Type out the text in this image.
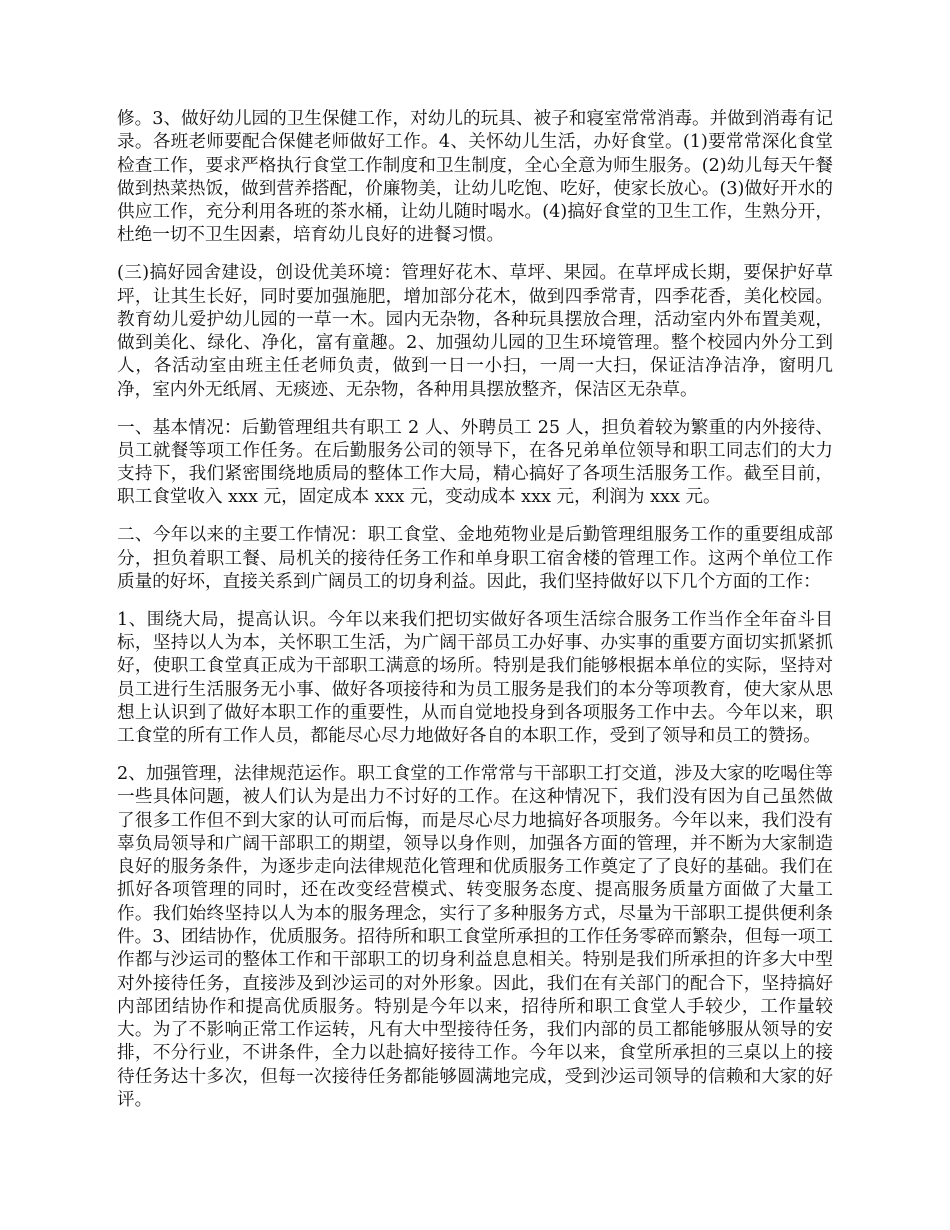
修。3、做好幼儿园的卫生保健工作，对幼儿的玩具、被子和寝室常常消毒。并做到消毒有记录。各班老师要配合保健老师做好工作。4、关怀幼儿生活，办好食堂。(1)要常常深化食堂检查工作，要求严格执行食堂工作制度和卫生制度，全心全意为师生服务。(2)幼儿每天午餐做到热菜热饭，做到营养搭配，价廉物美，让幼儿吃饱、吃好，使家长放心。(3)做好开水的供应工作，充分利用各班的茶水桶，让幼儿随时喝水。(4)搞好食堂的卫生工作，生熟分开，杜绝一切不卫生因素，培育幼儿良好的进餐习惯。

(三)搞好园舍建设，创设优美环境：管理好花木、草坪、果园。在草坪成长期，要保护好草坪，让其生长好，同时要加强施肥，增加部分花木，做到四季常青，四季花香，美化校园。教育幼儿爱护幼儿园的一草一木。园内无杂物，各种玩具摆放合理，活动室内外布置美观，做到美化、绿化、净化，富有童趣。2、加强幼儿园的卫生环境管理。整个校园内外分工到人，各活动室由班主任老师负责，做到一日一小扫，一周一大扫，保证洁净洁净，窗明几净，室内外无纸屑、无痰迹、无杂物，各种用具摆放整齐，保洁区无杂草。

一、基本情况：后勤管理组共有职工 2 人、外聘员工 25 人，担负着较为繁重的内外接待、员工就餐等项工作任务。在后勤服务公司的领导下，在各兄弟单位领导和职工同志们的大力支持下，我们紧密围绕地质局的整体工作大局，精心搞好了各项生活服务工作。截至目前，职工食堂收入 xxx 元，固定成本 xxx 元，变动成本 xxx 元，利润为 xxx 元。

二、今年以来的主要工作情况：职工食堂、金地苑物业是后勤管理组服务工作的重要组成部分，担负着职工餐、局机关的接待任务工作和单身职工宿舍楼的管理工作。这两个单位工作质量的好坏，直接关系到广阔员工的切身利益。因此，我们坚持做好以下几个方面的工作：

1、围绕大局，提高认识。今年以来我们把切实做好各项生活综合服务工作当作全年奋斗目标，坚持以人为本，关怀职工生活，为广阔干部员工办好事、办实事的重要方面切实抓紧抓好，使职工食堂真正成为干部职工满意的场所。特别是我们能够根据本单位的实际，坚持对员工进行生活服务无小事、做好各项接待和为员工服务是我们的本分等项教育，使大家从思想上认识到了做好本职工作的重要性，从而自觉地投身到各项服务工作中去。今年以来，职工食堂的所有工作人员，都能尽心尽力地做好各自的本职工作，受到了领导和员工的赞扬。

2、加强管理，法律规范运作。职工食堂的工作常常与干部职工打交道，涉及大家的吃喝住等一些具体问题，被人们认为是出力不讨好的工作。在这种情况下，我们没有因为自己虽然做了很多工作但不到大家的认可而后悔，而是尽心尽力地搞好各项服务。今年以来，我们没有辜负局领导和广阔干部职工的期望，领导以身作则，加强各方面的管理，并不断为大家制造良好的服务条件，为逐步走向法律规范化管理和优质服务工作奠定了了良好的基础。我们在抓好各项管理的同时，还在改变经营模式、转变服务态度、提高服务质量方面做了大量工作。我们始终坚持以人为本的服务理念，实行了多种服务方式，尽量为干部职工提供便利条件。3、团结协作，优质服务。招待所和职工食堂所承担的工作任务零碎而繁杂，但每一项工作都与沙运司的整体工作和干部职工的切身利益息息相关。特别是我们所承担的许多大中型对外接待任务，直接涉及到沙运司的对外形象。因此，我们在有关部门的配合下，坚持搞好内部团结协作和提高优质服务。特别是今年以来，招待所和职工食堂人手较少，工作量较大。为了不影响正常工作运转，凡有大中型接待任务，我们内部的员工都能够服从领导的安排，不分行业，不讲条件，全力以赴搞好接待工作。今年以来，食堂所承担的三桌以上的接待任务达十多次，但每一次接待任务都能够圆满地完成，受到沙运司领导的信赖和大家的好评。
